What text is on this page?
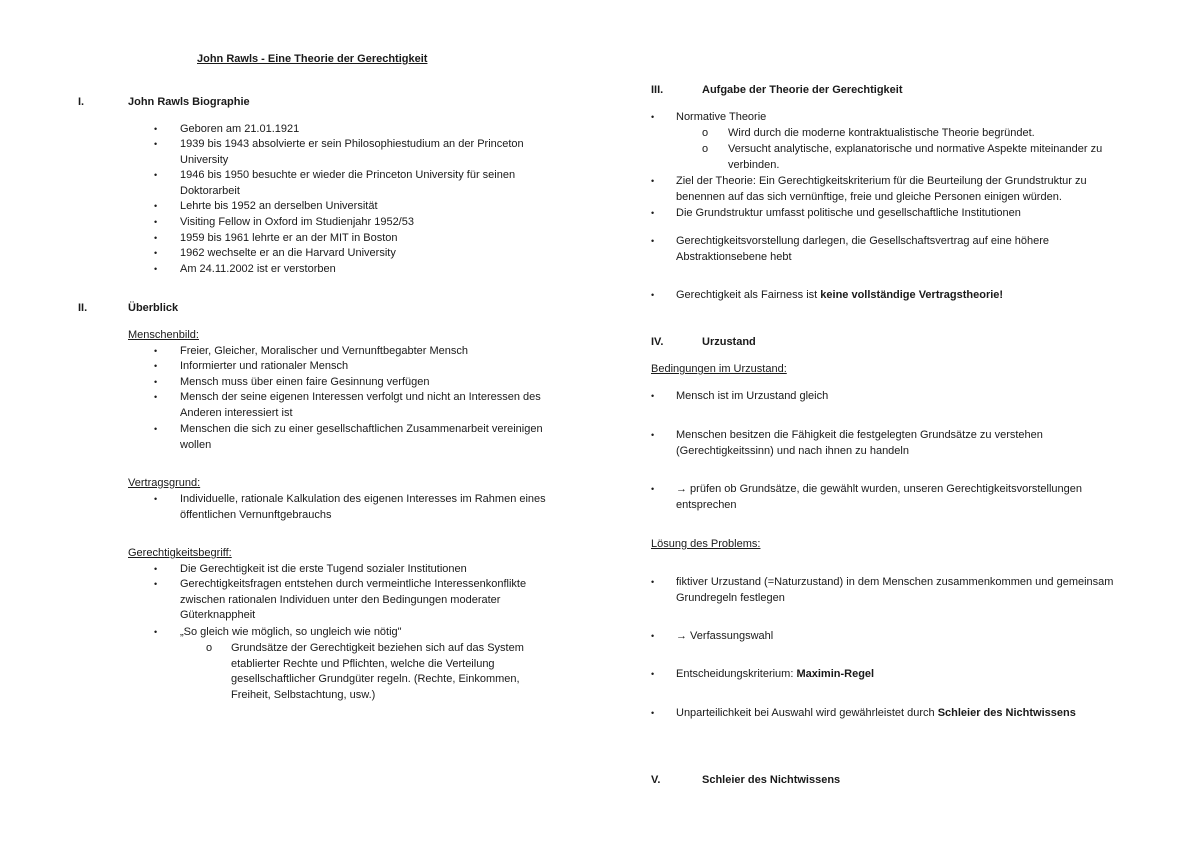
John Rawls - Eine Theorie der Gerechtigkeit
I.	John Rawls Biographie
• Geboren am 21.01.1921
• 1939 bis 1943 absolvierte er sein Philosophiestudium an der Princeton University
• 1946 bis 1950 besuchte er wieder die Princeton University für seinen Doktorarbeit
• Lehrte bis 1952 an derselben Universität
• Visiting Fellow in Oxford im Studienjahr 1952/53
• 1959 bis 1961 lehrte er an der MIT in Boston
• 1962 wechselte er an die Harvard University
• Am 24.11.2002 ist er verstorben
II.	Überblick
Menschenbild:
• Freier, Gleicher, Moralischer und Vernunftbegabter Mensch
• Informierter und rationaler Mensch
• Mensch muss über einen faire Gesinnung verfügen
• Mensch der seine eigenen Interessen verfolgt und nicht an Interessen des Anderen interessiert ist
• Menschen die sich zu einer gesellschaftlichen Zusammenarbeit vereinigen wollen
Vertragsgrund:
• Individuelle, rationale Kalkulation des eigenen Interesses im Rahmen eines öffentlichen Vernunftgebrauchs
Gerechtigkeitsbegriff:
• Die Gerechtigkeit ist die erste Tugend sozialer Institutionen
• Gerechtigkeitsfragen entstehen durch vermeintliche Interessenkonflikte zwischen rationalen Individuen unter den Bedingungen moderater Güterknappheit
• „So gleich wie möglich, so ungleich wie nötig"
o Grundsätze der Gerechtigkeit beziehen sich auf das System etablierter Rechte und Pflichten, welche die Verteilung gesellschaftlicher Grundgüter regeln. (Rechte, Einkommen, Freiheit, Selbstachtung, usw.)
III.	Aufgabe der Theorie der Gerechtigkeit
• Normative Theorie
o Wird durch die moderne kontraktualistische Theorie begründet.
o Versucht analytische, explanatorische und normative Aspekte miteinander zu verbinden.
• Ziel der Theorie: Ein Gerechtigkeitskriterium für die Beurteilung der Grundstruktur zu benennen auf das sich vernünftige, freie und gleiche Personen einigen würden.
• Die Grundstruktur umfasst politische und gesellschaftliche Institutionen
• Gerechtigkeitsvorstellung darlegen, die Gesellschaftsvertrag auf eine höhere Abstraktionsebene hebt
• Gerechtigkeit als Fairness ist keine vollständige Vertragstheorie!
IV.	Urzustand
Bedingungen im Urzustand:
• Mensch ist im Urzustand gleich
• Menschen besitzen die Fähigkeit die festgelegten Grundsätze zu verstehen (Gerechtigkeitssinn) und nach ihnen zu handeln
• → prüfen ob Grundsätze, die gewählt wurden, unseren Gerechtigkeitsvorstellungen entsprechen
Lösung des Problems:
• fiktiver Urzustand (=Naturzustand) in dem Menschen zusammenkommen und gemeinsam Grundregeln festlegen
• → Verfassungswahl
• Entscheidungskriterium: Maximin-Regel
• Unparteilichkeit bei Auswahl wird gewährleistet durch Schleier des Nichtwissens
V.	Schleier des Nichtwissens
